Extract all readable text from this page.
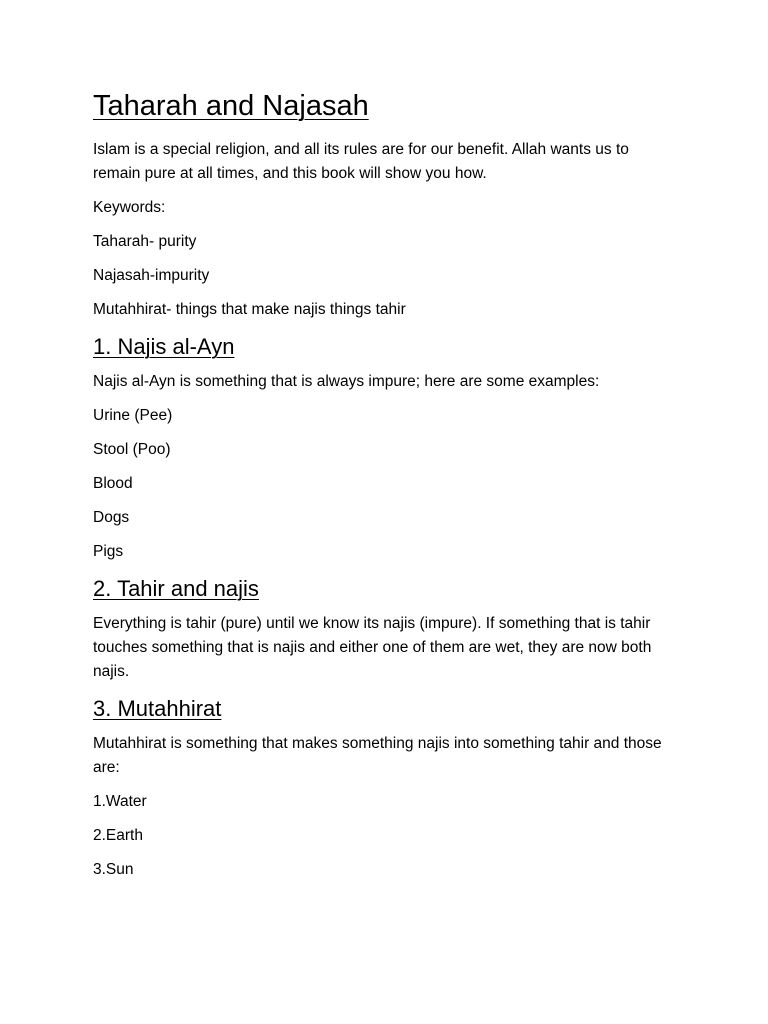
Taharah and Najasah

Islam is a special religion, and all its rules are for our benefit. Allah wants us to remain pure at all times, and this book will show you how.

Keywords:

Taharah- purity

Najasah-impurity

Mutahhirat- things that make najis things tahir

1. Najis al-Ayn

Najis al-Ayn is something that is always impure; here are some examples:

Urine (Pee)

Stool (Poo)

Blood

Dogs

Pigs

2. Tahir and najis

Everything is tahir (pure) until we know its najis (impure). If something that is tahir touches something that is najis and either one of them are wet, they are now both najis.

3. Mutahhirat

Mutahhirat is something that makes something najis into something tahir and those are:

1.Water

2.Earth

3.Sun
